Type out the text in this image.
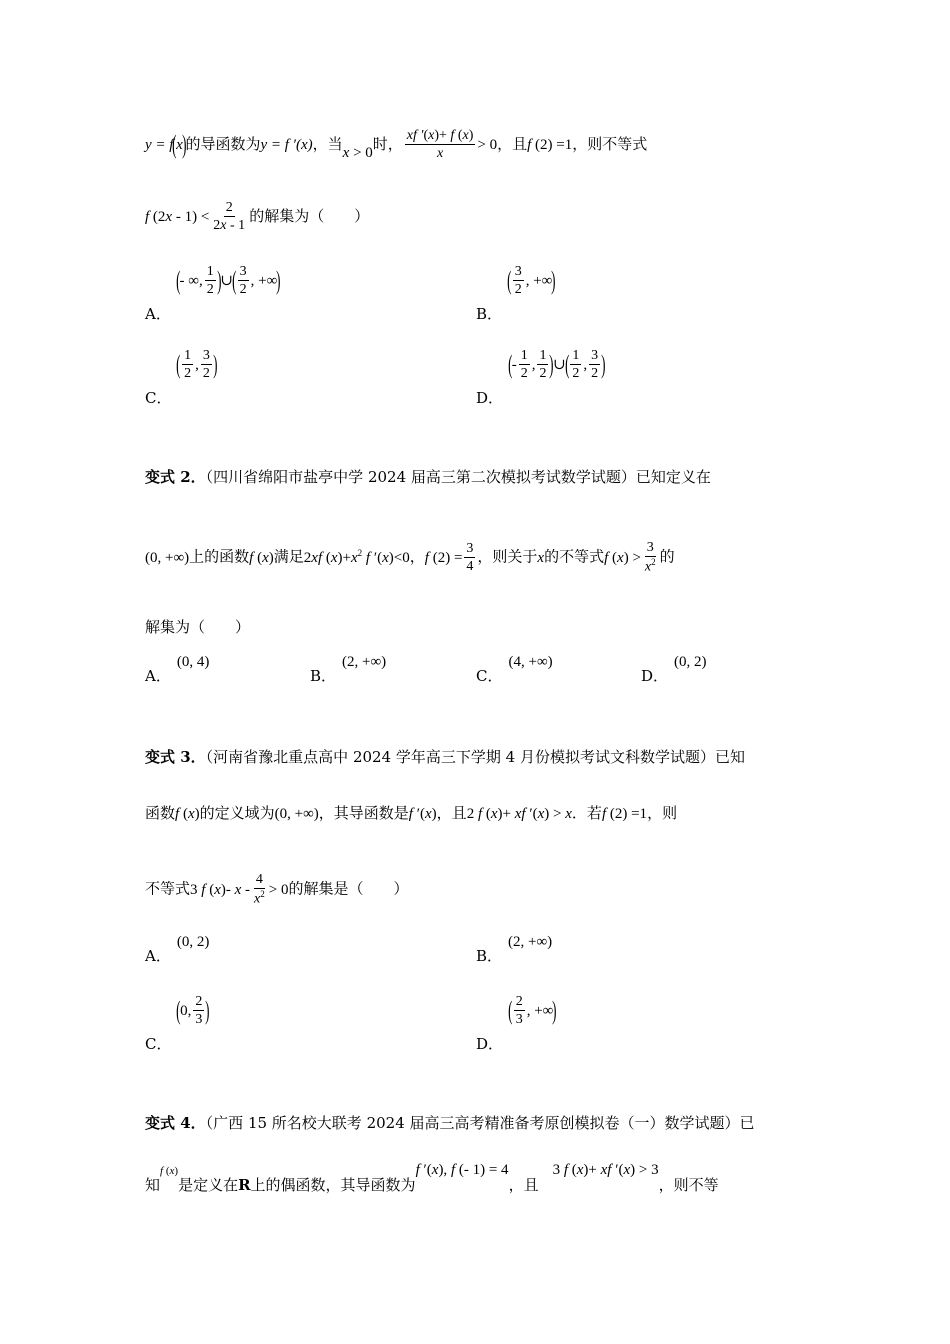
y = f(x)的导函数为y = f ′(x)，当x > 0时， $\frac{xf '(x)+ f (x)}{x} > 0$，且f (2) =1，则不等式
f $(2x - 1) < \frac{2}{2x - 1}$ 的解集为（　　）
A．(- ∞, $\frac{1}{2}$ )∪( $\frac{3}{2}$ , +∞)
B．( $\frac{3}{2}$ , +∞)
C．( $\frac{1}{2}$ , $\frac{3}{2}$ )
D．(- $\frac{1}{2}$ , $\frac{1}{2}$ )∪( $\frac{1}{2}$ , $\frac{3}{2}$ )
变式 2．（四川省绵阳市盐亭中学 2024 届高三第二次模拟考试数学试题）已知定义在
(0, +∞)上的函数f (x)满足2xf $(x)+x^2$ f ′(x)<0，f $(2) = \frac{3}{4}$ ，则关于x的不等式f $(x) > \frac{3}{x^2}$ 的
解集为（　　）
A．(0, 4)
B．(2, +∞)
C．(4, +∞)
D．(0, 2)
变式 3．（河南省豫北重点高中 2024 学年高三下学期 4 月份模拟考试文科数学试题）已知
函数f (x)的定义域为(0, +∞)，其导函数是f ′(x)，且2 f (x)+ xf ′(x) > x．若f (2) =1，则
不等式3 f (x)- $x - \frac{4}{x^2} > 0$的解集是（　　）
A．(0, 2)
B．(2, +∞)
C．(0, $\frac{2}{3}$ )
D．( $\frac{2}{3}$ , +∞)
变式 4．（广西 15 所名校大联考 2024 届高三高考精准备考原创模拟卷（一）数学试题）已
知f (x)是定义在R上的偶函数，其导函数为f ′(x), f (- 1) = 4，且3 f (x)+ xf ′(x) > 3，则不等
